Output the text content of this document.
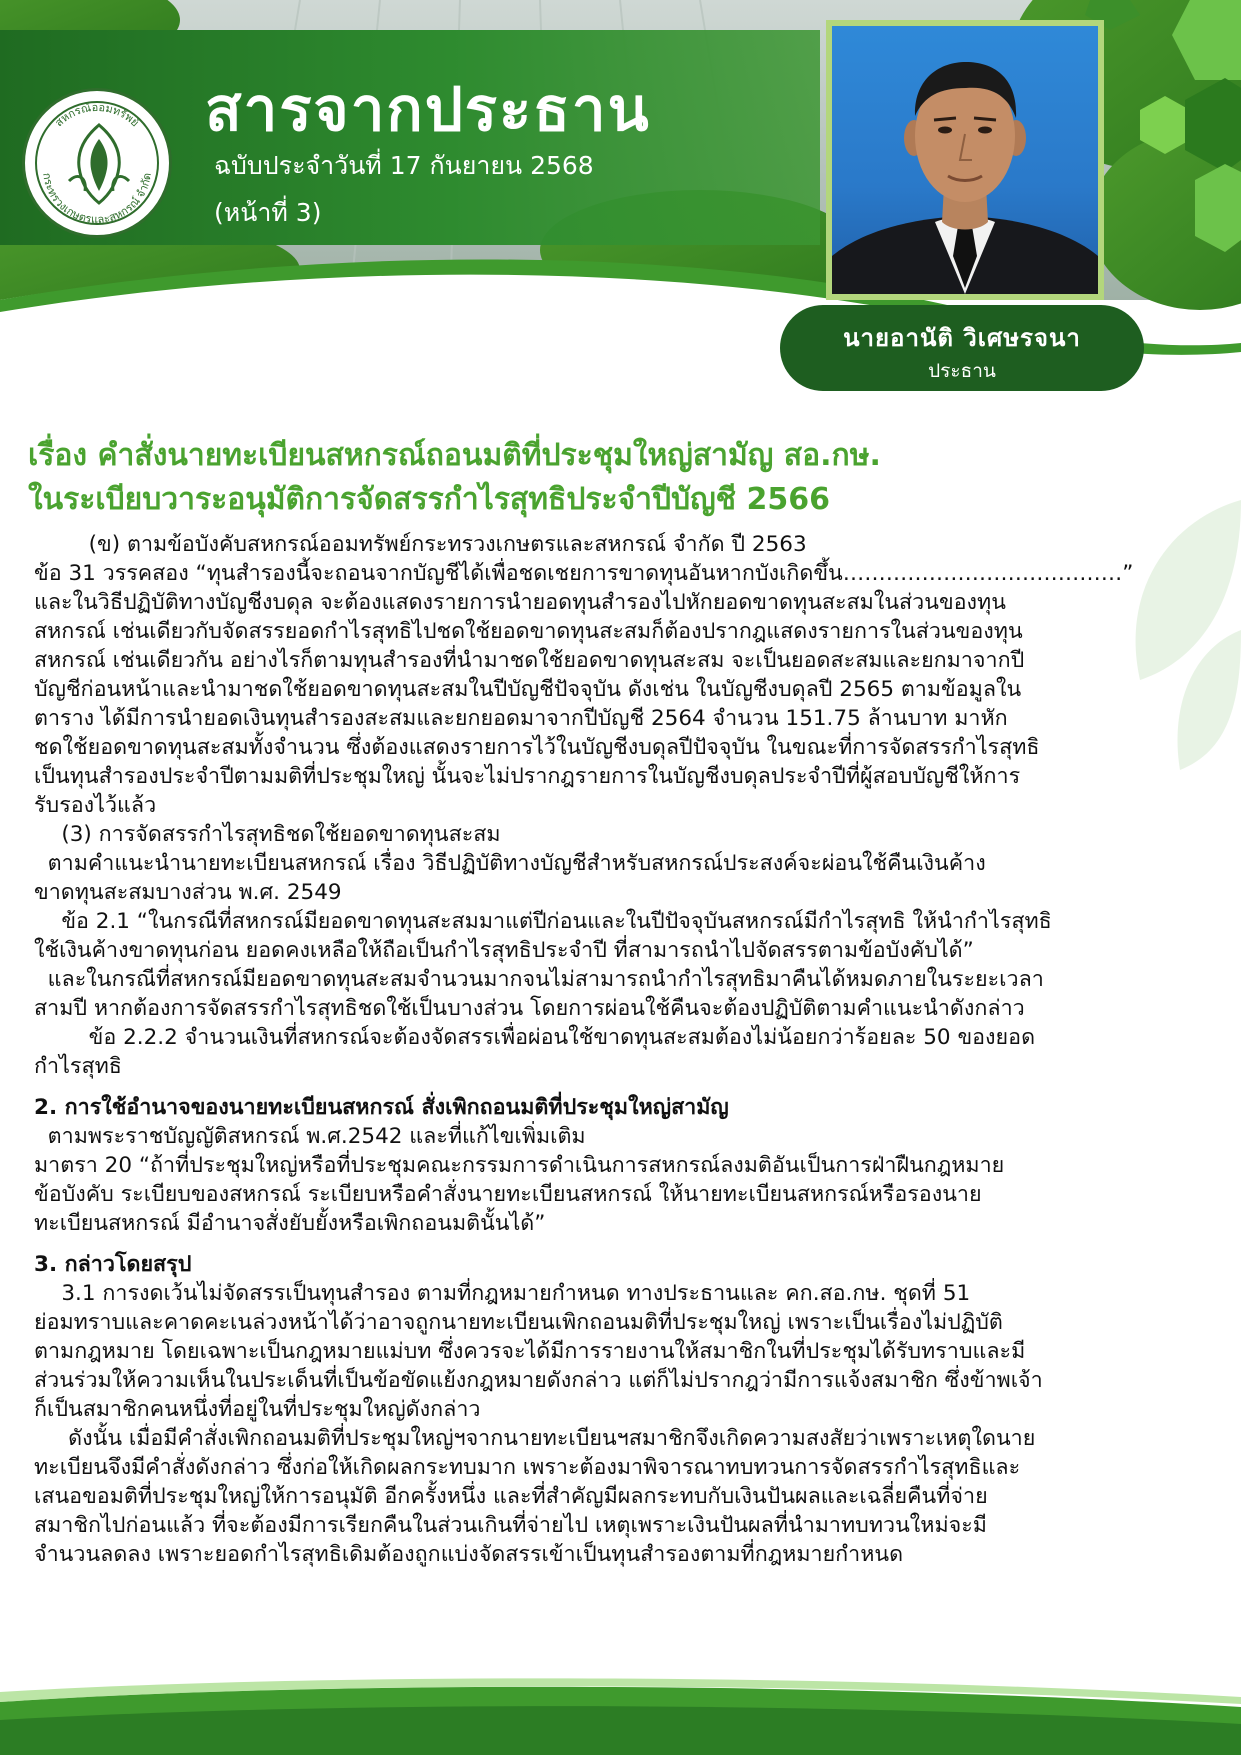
สหกรณ์ออมทรัพย์
กระทรวงเกษตรและสหกรณ์ จำกัด
สารจากประธาน
ฉบับประจำวันที่ 17 กันยายน 2568
(หน้าที่ 3)
นายอานัติ วิเศษรจนา
ประธาน
เรื่อง คำสั่งนายทะเบียนสหกรณ์ถอนมติที่ประชุมใหญ่สามัญ สอ.กษ.
ในระเบียบวาระอนุมัติการจัดสรรกำไรสุทธิประจำปีบัญชี 2566

(ข) ตามข้อบังคับสหกรณ์ออมทรัพย์กระทรวงเกษตรและสหกรณ์ จำกัด ปี 2563

ข้อ 31 วรรคสอง “ทุนสำรองนี้จะถอนจากบัญชีได้เพื่อชดเชยการขาดทุนอันหากบังเกิดขึ้น…………………………………”

และในวิธีปฏิบัติทางบัญชีงบดุล จะต้องแสดงรายการนำยอดทุนสำรองไปหักยอดขาดทุนสะสมในส่วนของทุน

สหกรณ์ เช่นเดียวกับจัดสรรยอดกำไรสุทธิไปชดใช้ยอดขาดทุนสะสมก็ต้องปรากฎแสดงรายการในส่วนของทุน

สหกรณ์ เช่นเดียวกัน อย่างไรก็ตามทุนสำรองที่นำมาชดใช้ยอดขาดทุนสะสม จะเป็นยอดสะสมและยกมาจากปี

บัญชีก่อนหน้าและนำมาชดใช้ยอดขาดทุนสะสมในปีบัญชีปัจจุบัน ดังเช่น ในบัญชีงบดุลปี 2565 ตามข้อมูลใน

ตาราง ได้มีการนำยอดเงินทุนสำรองสะสมและยกยอดมาจากปีบัญชี 2564 จำนวน 151.75 ล้านบาท มาหัก

ชดใช้ยอดขาดทุนสะสมทั้งจำนวน ซึ่งต้องแสดงรายการไว้ในบัญชีงบดุลปีปัจจุบัน ในขณะที่การจัดสรรกำไรสุทธิ

เป็นทุนสำรองประจำปีตามมติที่ประชุมใหญ่ นั้นจะไม่ปรากฎรายการในบัญชีงบดุลประจำปีที่ผู้สอบบัญชีให้การ

รับรองไว้แล้ว

(3) การจัดสรรกำไรสุทธิชดใช้ยอดขาดทุนสะสม

ตามคำแนะนำนายทะเบียนสหกรณ์ เรื่อง วิธีปฏิบัติทางบัญชีสำหรับสหกรณ์ประสงค์จะผ่อนใช้คืนเงินค้าง

ขาดทุนสะสมบางส่วน พ.ศ. 2549

ข้อ 2.1 “ในกรณีที่สหกรณ์มียอดขาดทุนสะสมมาแต่ปีก่อนและในปีปัจจุบันสหกรณ์มีกำไรสุทธิ ให้นำกำไรสุทธิ

ใช้เงินค้างขาดทุนก่อน ยอดคงเหลือให้ถือเป็นกำไรสุทธิประจำปี ที่สามารถนำไปจัดสรรตามข้อบังคับได้”

และในกรณีที่สหกรณ์มียอดขาดทุนสะสมจำนวนมากจนไม่สามารถนำกำไรสุทธิมาคืนได้หมดภายในระยะเวลา

สามปี หากต้องการจัดสรรกำไรสุทธิชดใช้เป็นบางส่วน โดยการผ่อนใช้คืนจะต้องปฏิบัติตามคำแนะนำดังกล่าว

ข้อ 2.2.2 จำนวนเงินที่สหกรณ์จะต้องจัดสรรเพื่อผ่อนใช้ขาดทุนสะสมต้องไม่น้อยกว่าร้อยละ 50 ของยอด

กำไรสุทธิ

2. การใช้อำนาจของนายทะเบียนสหกรณ์ สั่งเพิกถอนมติที่ประชุมใหญ่สามัญ

ตามพระราชบัญญัติสหกรณ์ พ.ศ.2542 และที่แก้ไขเพิ่มเติม

มาตรา 20 “ถ้าที่ประชุมใหญ่หรือที่ประชุมคณะกรรมการดำเนินการสหกรณ์ลงมติอันเป็นการฝ่าฝืนกฎหมาย

ข้อบังคับ ระเบียบของสหกรณ์ ระเบียบหรือคำสั่งนายทะเบียนสหกรณ์ ให้นายทะเบียนสหกรณ์หรือรองนาย

ทะเบียนสหกรณ์ มีอำนาจสั่งยับยั้งหรือเพิกถอนมตินั้นได้”

3. กล่าวโดยสรุป

3.1 การงดเว้นไม่จัดสรรเป็นทุนสำรอง ตามที่กฎหมายกำหนด ทางประธานและ คก.สอ.กษ. ชุดที่ 51

ย่อมทราบและคาดคะเนล่วงหน้าได้ว่าอาจถูกนายทะเบียนเพิกถอนมติที่ประชุมใหญ่ เพราะเป็นเรื่องไม่ปฏิบัติ

ตามกฎหมาย โดยเฉพาะเป็นกฎหมายแม่บท ซึ่งควรจะได้มีการรายงานให้สมาชิกในที่ประชุมได้รับทราบและมี

ส่วนร่วมให้ความเห็นในประเด็นที่เป็นข้อขัดแย้งกฎหมายดังกล่าว แต่ก็ไม่ปรากฎว่ามีการแจ้งสมาชิก ซึ่งข้าพเจ้า

ก็เป็นสมาชิกคนหนึ่งที่อยู่ในที่ประชุมใหญ่ดังกล่าว

ดังนั้น เมื่อมีคำสั่งเพิกถอนมติที่ประชุมใหญ่ฯจากนายทะเบียนฯสมาชิกจึงเกิดความสงสัยว่าเพราะเหตุใดนาย

ทะเบียนจึงมีคำสั่งดังกล่าว ซึ่งก่อให้เกิดผลกระทบมาก เพราะต้องมาพิจารณาทบทวนการจัดสรรกำไรสุทธิและ

เสนอขอมติที่ประชุมใหญ่ให้การอนุมัติ อีกครั้งหนึ่ง และที่สำคัญมีผลกระทบกับเงินปันผลและเฉลี่ยคืนที่จ่าย

สมาชิกไปก่อนแล้ว ที่จะต้องมีการเรียกคืนในส่วนเกินที่จ่ายไป เหตุเพราะเงินปันผลที่นำมาทบทวนใหม่จะมี

จำนวนลดลง เพราะยอดกำไรสุทธิเดิมต้องถูกแบ่งจัดสรรเข้าเป็นทุนสำรองตามที่กฎหมายกำหนด
